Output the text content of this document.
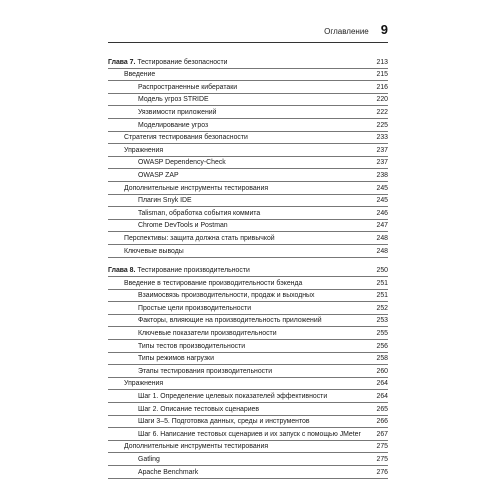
Оглавление 9
Глава 7. Тестирование безопасности	213
Введение	215
Распространенные кибератаки	216
Модель угроз STRIDE	220
Уязвимости приложений	222
Моделирование угроз	225
Стратегия тестирования безопасности	233
Упражнения	237
OWASP Dependency-Check	237
OWASP ZAP	238
Дополнительные инструменты тестирования	245
Плагин Snyk IDE	245
Talisman, обработка события коммита	246
Chrome DevTools и Postman	247
Перспективы: защита должна стать привычкой	248
Ключевые выводы	248
Глава 8. Тестирование производительности	250
Введение в тестирование производительности бэкенда	251
Взаимосвязь производительности, продаж и выходных	251
Простые цели производительности	252
Факторы, влияющие на производительность приложений	253
Ключевые показатели производительности	255
Типы тестов производительности	256
Типы режимов нагрузки	258
Этапы тестирования производительности	260
Упражнения	264
Шаг 1. Определение целевых показателей эффективности	264
Шаг 2. Описание тестовых сценариев	265
Шаги 3–5. Подготовка данных, среды и инструментов	266
Шаг 6. Написание тестовых сценариев и их запуск с помощью JMeter 267
Дополнительные инструменты тестирования	275
Gatling	275
Apache Benchmark	276
